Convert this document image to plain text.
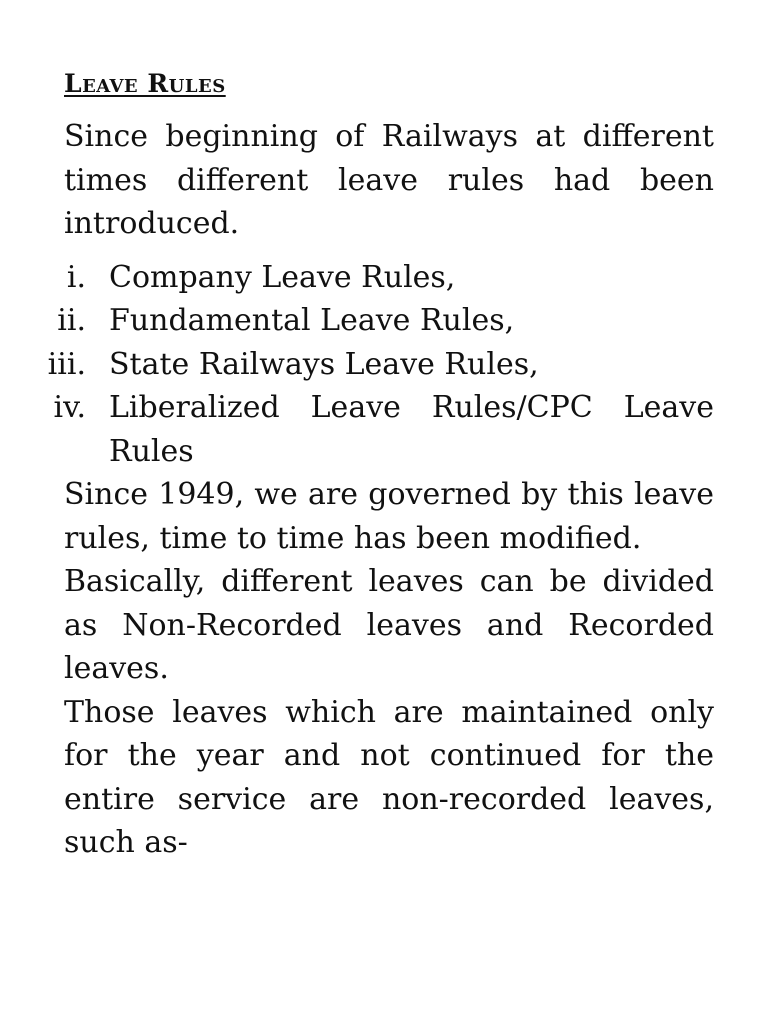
Leave Rules

Since beginning of Railways at different times different leave rules had been introduced.

i. Company Leave Rules,
ii. Fundamental Leave Rules,
iii. State Railways Leave Rules,
iv. Liberalized Leave Rules/CPC Leave Rules

Since 1949, we are governed by this leave rules, time to time has been modified.

Basically, different leaves can be divided as Non-Recorded leaves and Recorded leaves.

Those leaves which are maintained only for the year and not continued for the entire service are non-recorded leaves, such as-
